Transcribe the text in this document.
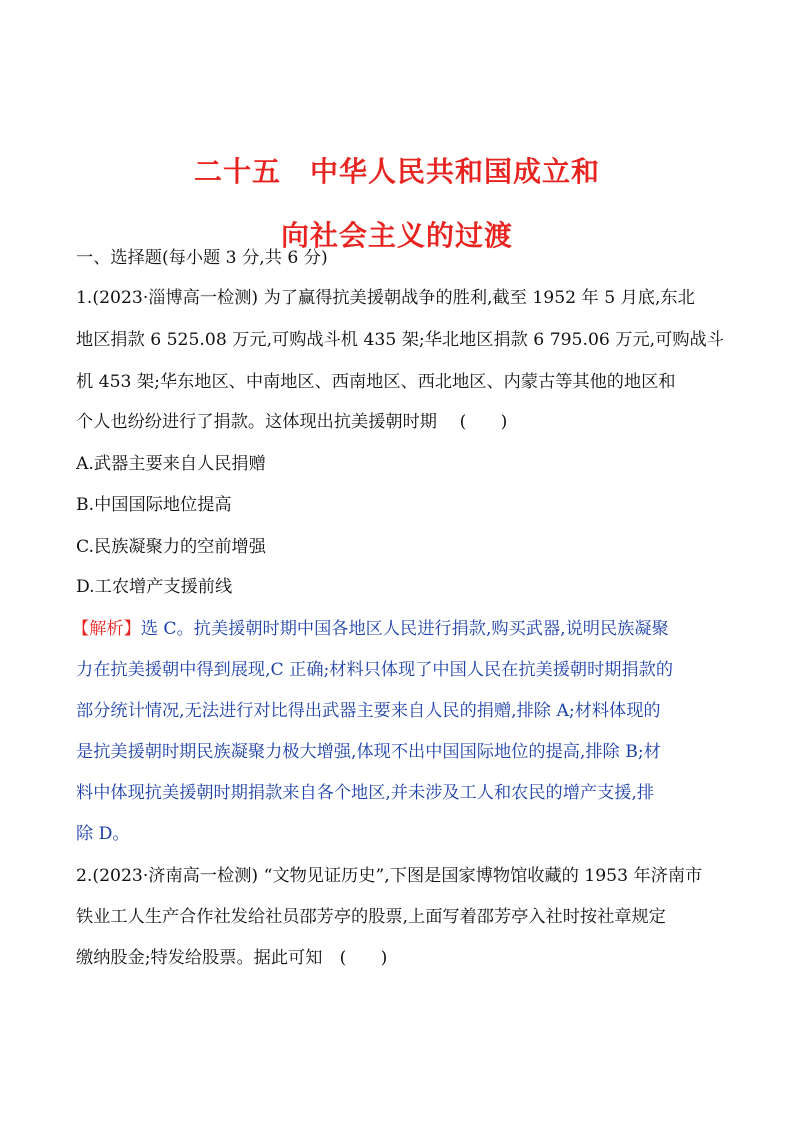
二十五　中华人民共和国成立和
向社会主义的过渡
一、选择题(每小题 3 分,共 6 分)
1.(2023·淄博高一检测) 为了赢得抗美援朝战争的胜利,截至 1952 年 5 月底,东北
地区捐款 6 525.08 万元,可购战斗机 435 架;华北地区捐款 6 795.06 万元,可购战斗
机 453 架;华东地区、中南地区、西南地区、西北地区、内蒙古等其他的地区和
个人也纷纷进行了捐款。这体现出抗美援朝时期　 (　　)
A.武器主要来自人民捐赠
B.中国国际地位提高
C.民族凝聚力的空前增强
D.工农增产支援前线
【解析】选 C。抗美援朝时期中国各地区人民进行捐款,购买武器,说明民族凝聚
力在抗美援朝中得到展现,C 正确;材料只体现了中国人民在抗美援朝时期捐款的
部分统计情况,无法进行对比得出武器主要来自人民的捐赠,排除 A;材料体现的
是抗美援朝时期民族凝聚力极大增强,体现不出中国国际地位的提高,排除 B;材
料中体现抗美援朝时期捐款来自各个地区,并未涉及工人和农民的增产支援,排
除 D。
2.(2023·济南高一检测) “文物见证历史”,下图是国家博物馆收藏的 1953 年济南市
铁业工人生产合作社发给社员邵芳亭的股票,上面写着邵芳亭入社时按社章规定
缴纳股金;特发给股票。据此可知　(　　)
